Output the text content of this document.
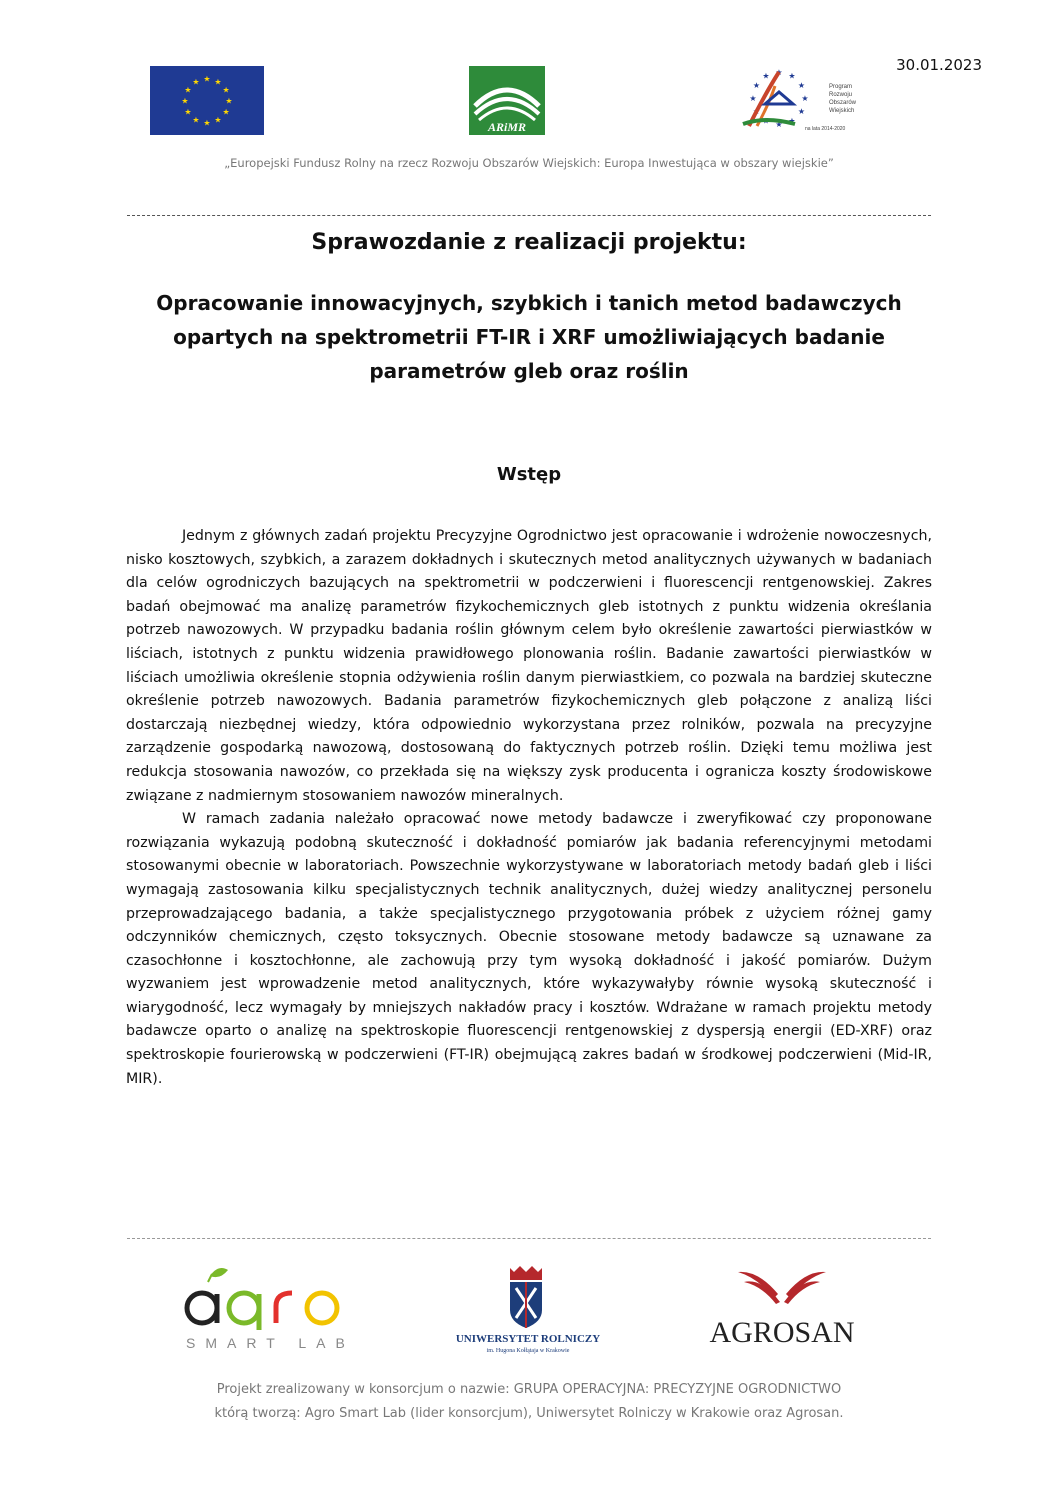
30.01.2023
★ ★
★
★
★
★
★
★
★
★
★
★
ARiMR
★ ★
★
★
★
★
★
★
★
★
★
★
Program
Rozwoju
Obszarów
Wiejskich
na lata 2014-2020
„Europejski Fundusz Rolny na rzecz Rozwoju Obszarów Wiejskich: Europa Inwestująca w obszary wiejskie”
Sprawozdanie z realizacji projektu:
Opracowanie innowacyjnych, szybkich i tanich metod badawczych
opartych na spektrometrii FT-IR i XRF umożliwiających badanie
parametrów gleb oraz roślin
Wstęp

Jednym z głównych zadań projektu Precyzyjne Ogrodnictwo jest opracowanie i wdrożenie nowoczesnych, nisko kosztowych, szybkich, a zarazem dokładnych i skutecznych metod analitycznych używanych w badaniach dla celów ogrodniczych bazujących na spektrometrii w podczerwieni i fluorescencji rentgenowskiej. Zakres badań obejmować ma analizę parametrów fizykochemicznych gleb istotnych z punktu widzenia określania potrzeb nawozowych. W przypadku badania roślin głównym celem było określenie zawartości pierwiastków w liściach, istotnych z punktu widzenia prawidłowego plonowania roślin. Badanie zawartości pierwiastków w liściach umożliwia określenie stopnia odżywienia roślin danym pierwiastkiem, co pozwala na bardziej skuteczne określenie potrzeb nawozowych. Badania parametrów fizykochemicznych gleb połączone z analizą liści dostarczają niezbędnej wiedzy, która odpowiednio wykorzystana przez rolników, pozwala na precyzyjne zarządzenie gospodarką nawozową, dostosowaną do faktycznych potrzeb roślin. Dzięki temu możliwa jest redukcja stosowania nawozów, co przekłada się na większy zysk producenta i ogranicza koszty środowiskowe związane z nadmiernym stosowaniem nawozów mineralnych.

W ramach zadania należało opracować nowe metody badawcze i zweryfikować czy proponowane rozwiązania wykazują podobną skuteczność i dokładność pomiarów jak badania referencyjnymi metodami stosowanymi obecnie w laboratoriach. Powszechnie wykorzystywane w laboratoriach metody badań gleb i liści wymagają zastosowania kilku specjalistycznych technik analitycznych, dużej wiedzy analitycznej personelu przeprowadzającego badania, a także specjalistycznego przygotowania próbek z użyciem różnej gamy odczynników chemicznych, często toksycznych. Obecnie stosowane metody badawcze są uznawane za czasochłonne i kosztochłonne, ale zachowują przy tym wysoką dokładność i jakość pomiarów. Dużym wyzwaniem jest wprowadzenie metod analitycznych, które wykazywałyby równie wysoką skuteczność i wiarygodność, lecz wymagały by mniejszych nakładów pracy i kosztów. Wdrażane w ramach projektu metody badawcze oparto o analizę na spektroskopie fluorescencji rentgenowskiej z dyspersją energii (ED-XRF) oraz spektroskopie fourierowską w podczerwieni (FT-IR) obejmującą zakres badań w środkowej podczerwieni (Mid-IR, MIR).

SMART LAB	UNIWERSYTET ROLNICZY
im. Hugona Kołłątaja w Krakowie
AGROSAN
Projekt zrealizowany w konsorcjum o nazwie: GRUPA OPERACYJNA: PRECYZYJNE OGRODNICTWO
którą tworzą: Agro Smart Lab (lider konsorcjum), Uniwersytet Rolniczy w Krakowie oraz Agrosan.
